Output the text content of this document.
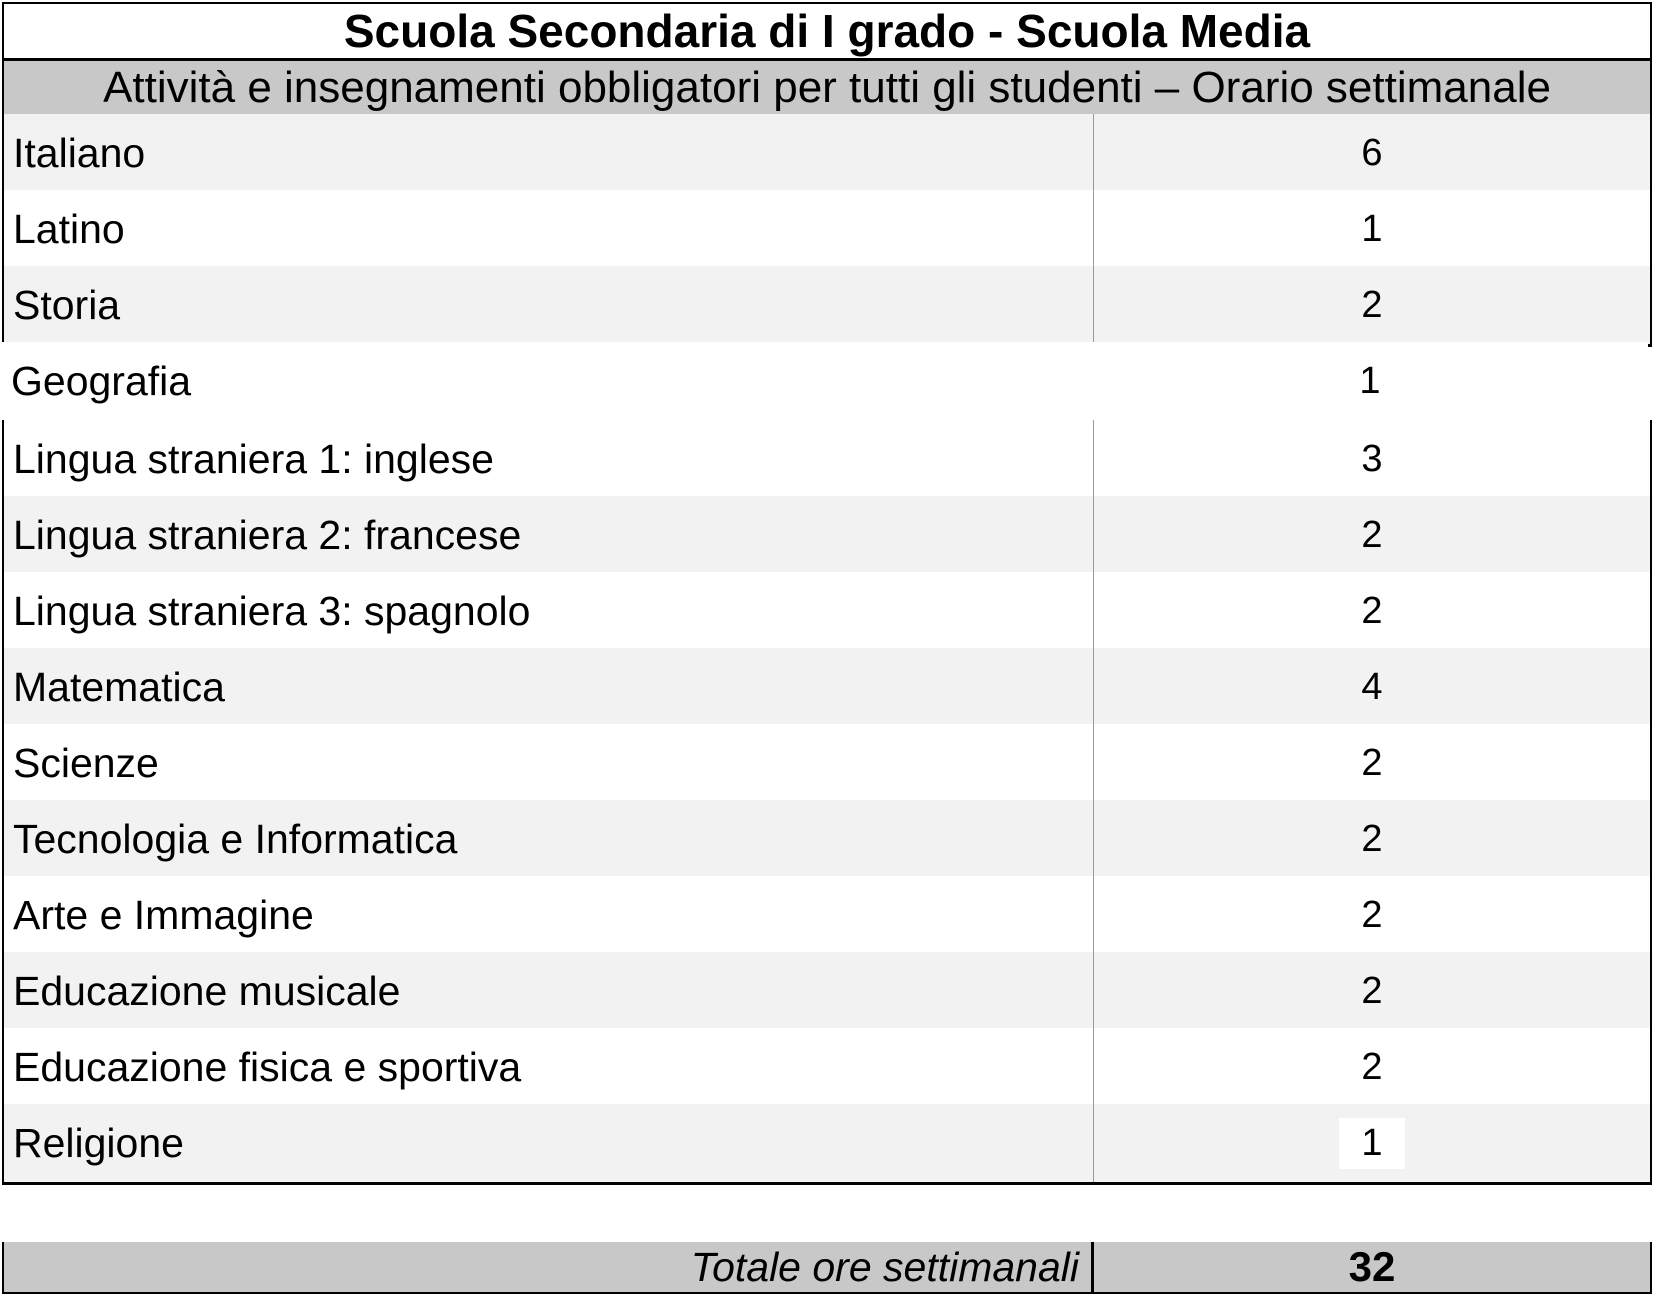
Scuola Secondaria di I grado - Scuola Media
Attività e insegnamenti obbligatori per tutti gli studenti – Orario settimanale
Italiano	6
Latino	1
Storia	2
Geografia	1
Lingua straniera 1: inglese	3
Lingua straniera 2: francese	2
Lingua straniera 3: spagnolo	2
Matematica	4
Scienze	2
Tecnologia e Informatica	2
Arte e Immagine	2
Educazione musicale	2
Educazione fisica e sportiva	2
Religione	1
Totale ore settimanali	32
